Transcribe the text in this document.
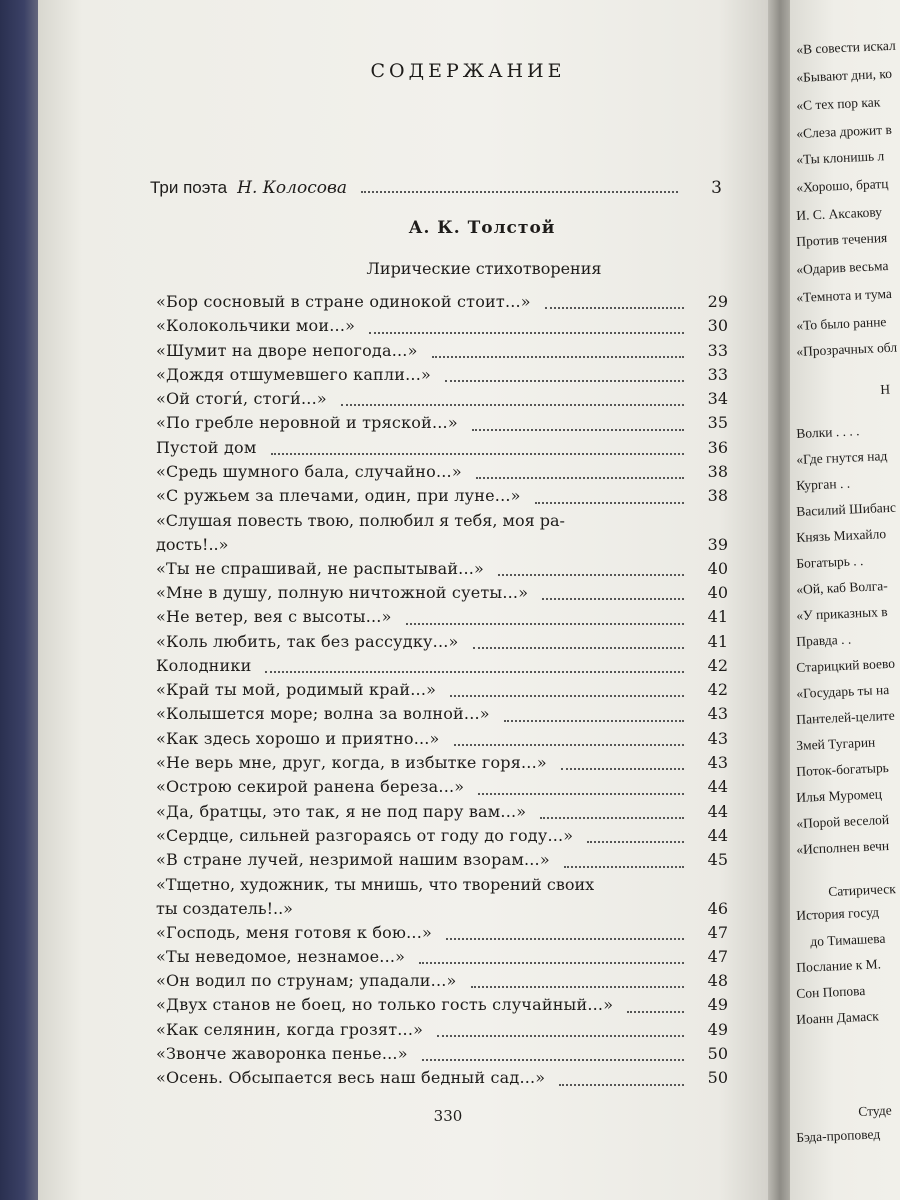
СОДЕРЖАНИЕ
Три поэта Н. Колосова	3
А. К. Толстой
Лирические стихотворения
«Бор сосновый в стране одинокой стоит...»	29
«Колокольчики мои...»	30
«Шумит на дворе непогода...»	33
«Дождя отшумевшего капли...»	33
«Ой стоги́, стоги́...»	34
«По гребле неровной и тряской...»	35
Пустой дом	36
«Средь шумного бала, случайно...»	38
«С ружьем за плечами, один, при луне...»	38
«Слушая повесть твою, полюбил я тебя, моя ра-
дость!..»	39
«Ты не спрашивай, не распытывай...»	40
«Мне в душу, полную ничтожной суеты...»	40
«Не ветер, вея с высоты...»	41
«Коль любить, так без рассудку...»	41
Колодники	42
«Край ты мой, родимый край...»	42
«Колышется море; волна за волной...»	43
«Как здесь хорошо и приятно...»	43
«Не верь мне, друг, когда, в избытке горя...»	43
«Острою секирой ранена береза...»	44
«Да, братцы, это так, я не под пару вам...»	44
«Сердце, сильней разгораясь от году до году...»	44
«В стране лучей, незримой нашим взорам...»	45
«Тщетно, художник, ты мнишь, что творений своих
ты создатель!..»	46
«Господь, меня готовя к бою...»	47
«Ты неведомое, незнамое...»	47
«Он водил по струнам; упадали...»	48
«Двух станов не боец, но только гость случайный...»	49
«Как селянин, когда грозят...»	49
«Звонче жаворонка пенье...»	50
«Осень. Обсыпается весь наш бедный сад...»	50
330
«В совести искал
«Бывают дни, ко
«С тех пор как
«Слеза дрожит в
«Ты клонишь л
«Хорошо, братц
И. С. Аксакову
Против течения
«Одарив весьма
«Темнота и тума
«То было ранне
«Прозрачных обл
Н
Волки . . . .
«Где гнутся над
Курган . .
Василий Шибанс
Князь Михайло
Богатырь . .
«Ой, каб Волга-
«У приказных в
Правда . .
Старицкий воево
«Государь ты на
Пантелей-целите
Змей Тугарин
Поток-богатырь
Илья Муромец
«Порой веселой
«Исполнен вечн
Сатирическ
История госуд
до Тимашева
Послание к М.
Сон Попова
Иоанн Дамаск
Студе
Бэда-проповед
